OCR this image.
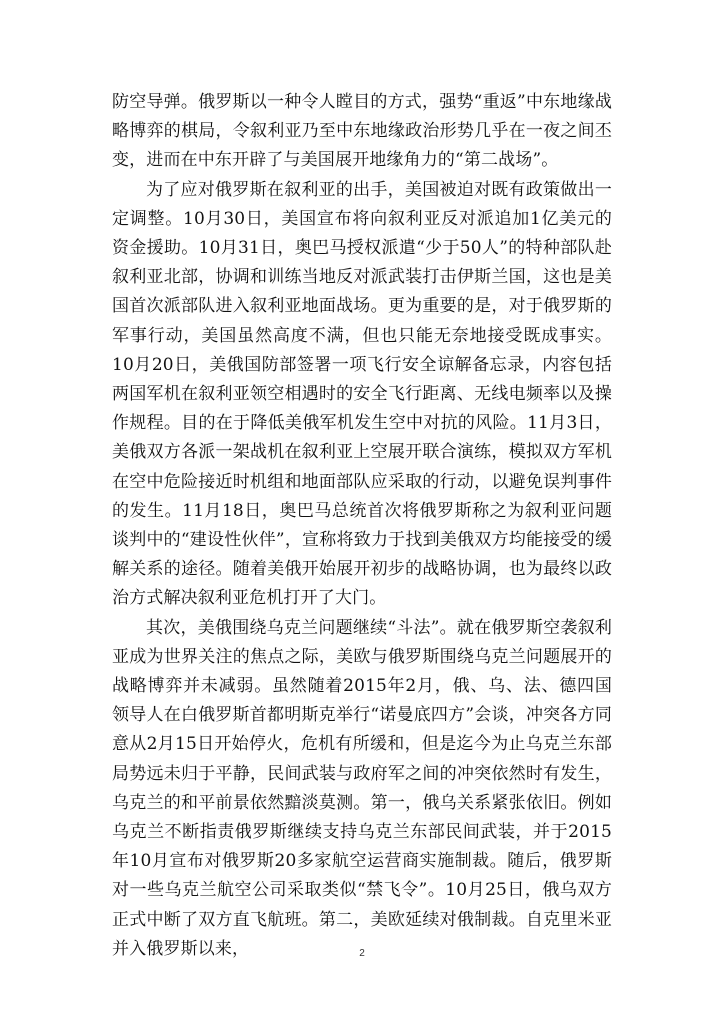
防空导弹。俄罗斯以一种令人瞠目的方式，强势“重返”中东地缘战略博弈的棋局，令叙利亚乃至中东地缘政治形势几乎在一夜之间丕变，进而在中东开辟了与美国展开地缘角力的“第二战场”。

为了应对俄罗斯在叙利亚的出手，美国被迫对既有政策做出一定调整。10月30日，美国宣布将向叙利亚反对派追加1亿美元的资金援助。10月31日，奥巴马授权派遣“少于50人”的特种部队赴叙利亚北部，协调和训练当地反对派武装打击伊斯兰国，这也是美国首次派部队进入叙利亚地面战场。更为重要的是，对于俄罗斯的军事行动，美国虽然高度不满，但也只能无奈地接受既成事实。10月20日，美俄国防部签署一项飞行安全谅解备忘录，内容包括两国军机在叙利亚领空相遇时的安全飞行距离、无线电频率以及操作规程。目的在于降低美俄军机发生空中对抗的风险。11月3日，美俄双方各派一架战机在叙利亚上空展开联合演练，模拟双方军机在空中危险接近时机组和地面部队应采取的行动，以避免误判事件的发生。11月18日，奥巴马总统首次将俄罗斯称之为叙利亚问题谈判中的“建设性伙伴”，宣称将致力于找到美俄双方均能接受的缓解关系的途径。随着美俄开始展开初步的战略协调，也为最终以政治方式解决叙利亚危机打开了大门。

其次，美俄围绕乌克兰问题继续“斗法”。就在俄罗斯空袭叙利亚成为世界关注的焦点之际，美欧与俄罗斯围绕乌克兰问题展开的战略博弈并未减弱。虽然随着2015年2月，俄、乌、法、德四国领导人在白俄罗斯首都明斯克举行“诺曼底四方”会谈，冲突各方同意从2月15日开始停火，危机有所缓和，但是迄今为止乌克兰东部局势远未归于平静，民间武装与政府军之间的冲突依然时有发生，乌克兰的和平前景依然黯淡莫测。第一，俄乌关系紧张依旧。例如乌克兰不断指责俄罗斯继续支持乌克兰东部民间武装，并于2015年10月宣布对俄罗斯20多家航空运营商实施制裁。随后，俄罗斯对一些乌克兰航空公司采取类似“禁飞令”。10月25日，俄乌双方正式中断了双方直飞航班。第二，美欧延续对俄制裁。自克里米亚并入俄罗斯以来，	2
